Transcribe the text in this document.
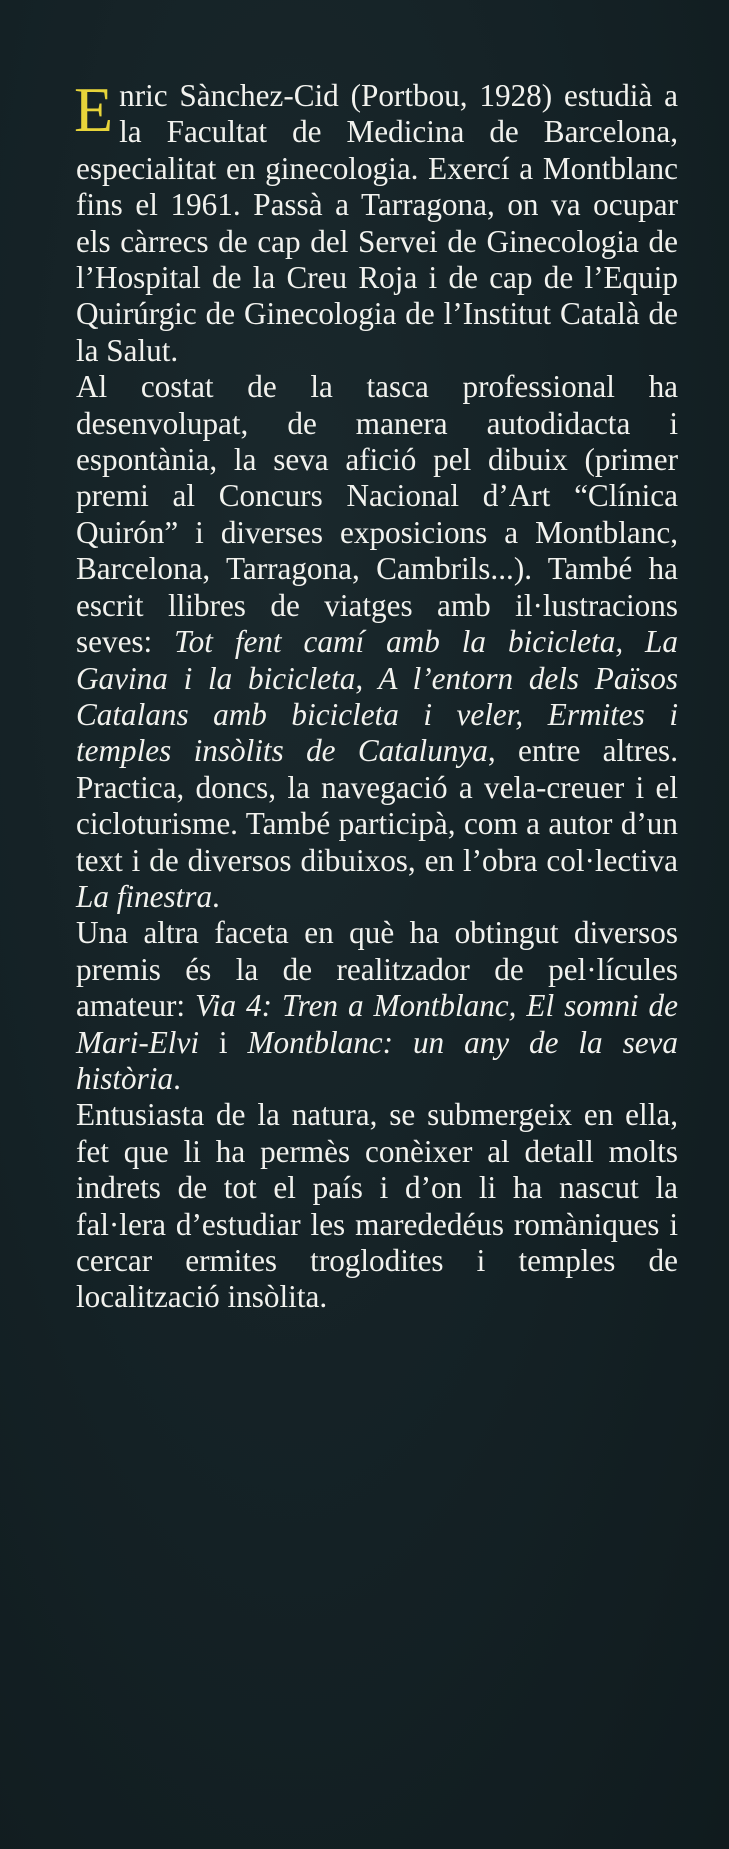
Enric Sànchez-Cid (Portbou, 1928) estudià a la Facultat de Medicina de Barcelona, especialitat en ginecologia. Exercí a Montblanc fins el 1961. Passà a Tarragona, on va ocupar els càrrecs de cap del Servei de Ginecologia de l’Hospital de la Creu Roja i de cap de l’Equip Quirúrgic de Ginecologia de l’Institut Català de la Salut.

Al costat de la tasca professional ha desenvolupat, de manera autodidacta i espontània, la seva afició pel dibuix (primer premi al Concurs Nacional d’Art “Clínica Quirón” i diverses exposicions a Montblanc, Barcelona, Tarragona, Cambrils...). També ha escrit llibres de viatges amb il·lustracions seves: Tot fent camí amb la bicicleta, La Gavina i la bicicleta, A l’entorn dels Països Catalans amb bicicleta i veler, Ermites i temples insòlits de Catalunya, entre altres. Practica, doncs, la navegació a vela-creuer i el cicloturisme. També participà, com a autor d’un text i de diversos dibuixos, en l’obra col·lectiva La finestra.

Una altra faceta en què ha obtingut diversos premis és la de realitzador de pel·lícules amateur: Via 4: Tren a Montblanc, El somni de Mari-Elvi i Montblanc: un any de la seva història.

Entusiasta de la natura, se submergeix en ella, fet que li ha permès conèixer al detall molts indrets de tot el país i d’on li ha nascut la fal·lera d’estudiar les marededéus romàniques i cercar ermites troglodites i temples de localització insòlita.
